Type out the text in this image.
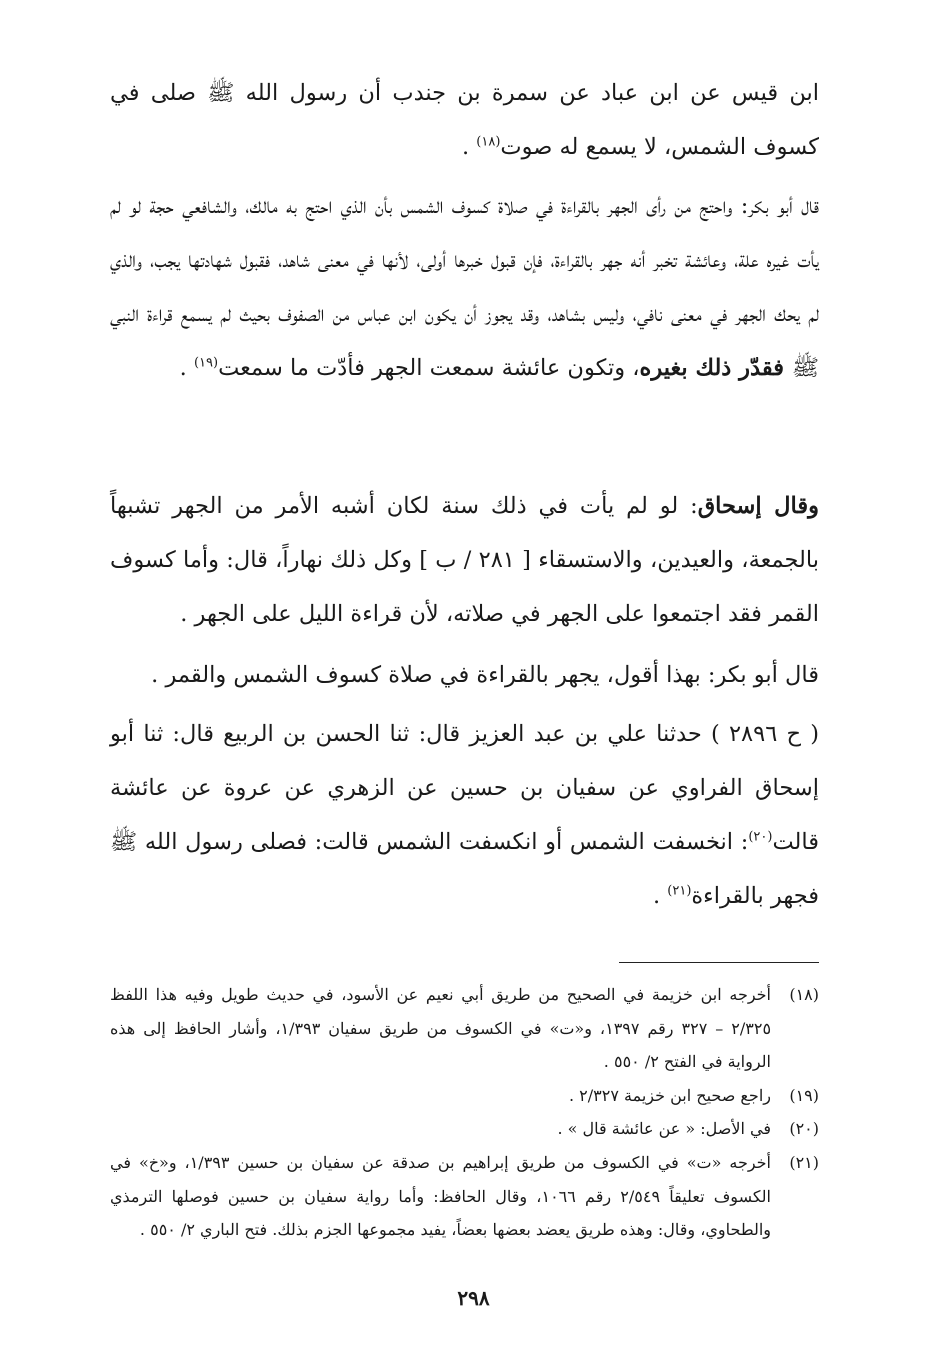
ابن قيس عن ابن عباد عن سمرة بن جندب أن رسول الله ﷺ صلى في كسوف الشمس، لا يسمع له صوت$^{(١٨)}$ .

قال أبو بكر: واحتج من رأى الجهر بالقراءة في صلاة كسوف الشمس بأن الذي احتج به مالك، والشافعي حجة لو لم يأت غيره علة، وعائشة تخبر أنه جهر بالقراءة، فإن قبول خبرها أولى، لأنها في معنى شاهد، فقبول شهادتها يجب، والذي لم يحك الجهر في معنى نافي، وليس بشاهد، وقد يجوز أن يكون ابن عباس من الصفوف بحيث لم يسمع قراءة النبي ﷺ فقدّر ذلك بغيره، وتكون عائشة سمعت الجهر فأدّت ما سمعت$^{(١٩)}$ .

وقال إسحاق: لو لم يأت في ذلك سنة لكان أشبه الأمر من الجهر تشبهاً بالجمعة، والعيدين، والاستسقاء [ ٢٨١ / ب ] وكل ذلك نهاراً، قال: وأما كسوف القمر فقد اجتمعوا على الجهر في صلاته، لأن قراءة الليل على الجهر .

قال أبو بكر: بهذا أقول، يجهر بالقراءة في صلاة كسوف الشمس والقمر .

( ح ٢٨٩٦ ) حدثنا علي بن عبد العزيز قال: ثنا الحسن بن الربيع قال: ثنا أبو إسحاق الفراوي عن سفيان بن حسين عن الزهري عن عروة عن عائشة قالت$^{(٢٠)}$: انخسفت الشمس أو انكسفت الشمس قالت: فصلى رسول الله ﷺ فجهر بالقراءة$^{(٢١)}$ .

(١٨)
أخرجه ابن خزيمة في الصحيح من طريق أبي نعيم عن الأسود، في حديث طويل وفيه هذا اللفظ ٢/٣٢٥ – ٣٢٧ رقم ١٣٩٧، و«ت» في الكسوف من طريق سفيان ١/٣٩٣، وأشار الحافظ إلى هذه الرواية في الفتح ٢/ ٥٥٠ .
(١٩)
راجع صحيح ابن خزيمة ٢/٣٢٧ .
(٢٠)
في الأصل: « عن عائشة قال » .
(٢١)
أخرجه «ت» في الكسوف من طريق إبراهيم بن صدقة عن سفيان بن حسين ١/٣٩٣، و«خ» في الكسوف تعليقاً ٢/٥٤٩ رقم ١٠٦٦، وقال الحافظ: وأما رواية سفيان بن حسين فوصلها الترمذي والطحاوي، وقال: وهذه طريق يعضد بعضها بعضاً، يفيد مجموعها الجزم بذلك. فتح الباري ٢/ ٥٥٠ .
٢٩٨
